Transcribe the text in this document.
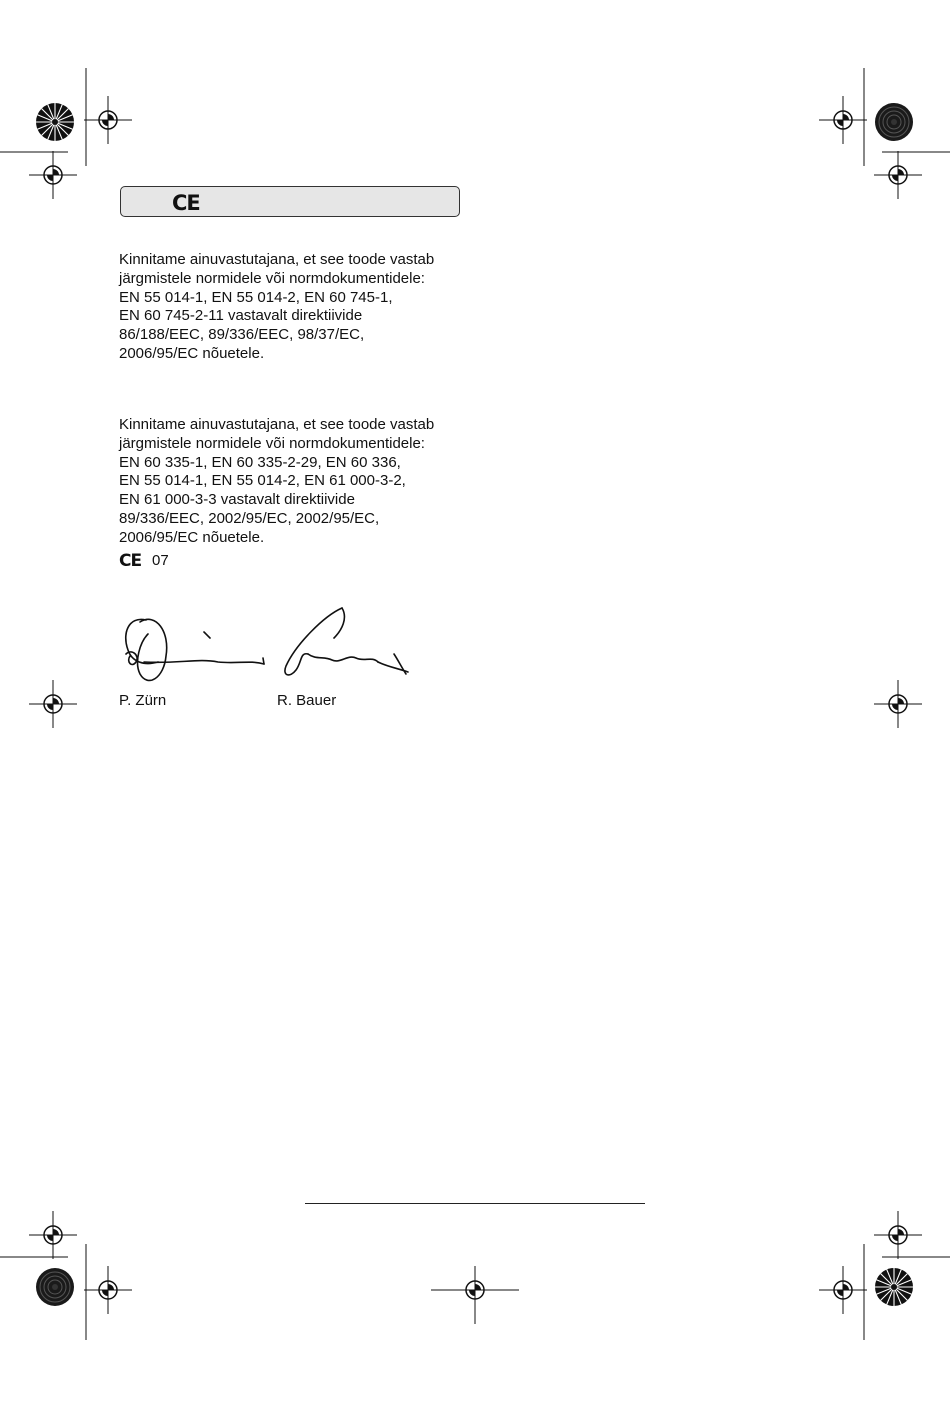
CE
Kinnitame ainuvastutajana, et see toode vastab
järgmistele normidele või normdokumentidele:
EN 55 014-1, EN 55 014-2, EN 60 745-1,
EN 60 745-2-11 vastavalt direktiivide
86/188/EEC, 89/336/EEC, 98/37/EC,
2006/95/EC nõuetele.
Kinnitame ainuvastutajana, et see toode vastab
järgmistele normidele või normdokumentidele:
EN 60 335-1, EN 60 335-2-29, EN 60 336,
EN 55 014-1, EN 55 014-2, EN 61 000-3-2,
EN 61 000-3-3 vastavalt direktiivide
89/336/EEC, 2002/95/EC, 2002/95/EC,
2006/95/EC nõuetele.
CE 07
P. Zürn	R. Bauer
